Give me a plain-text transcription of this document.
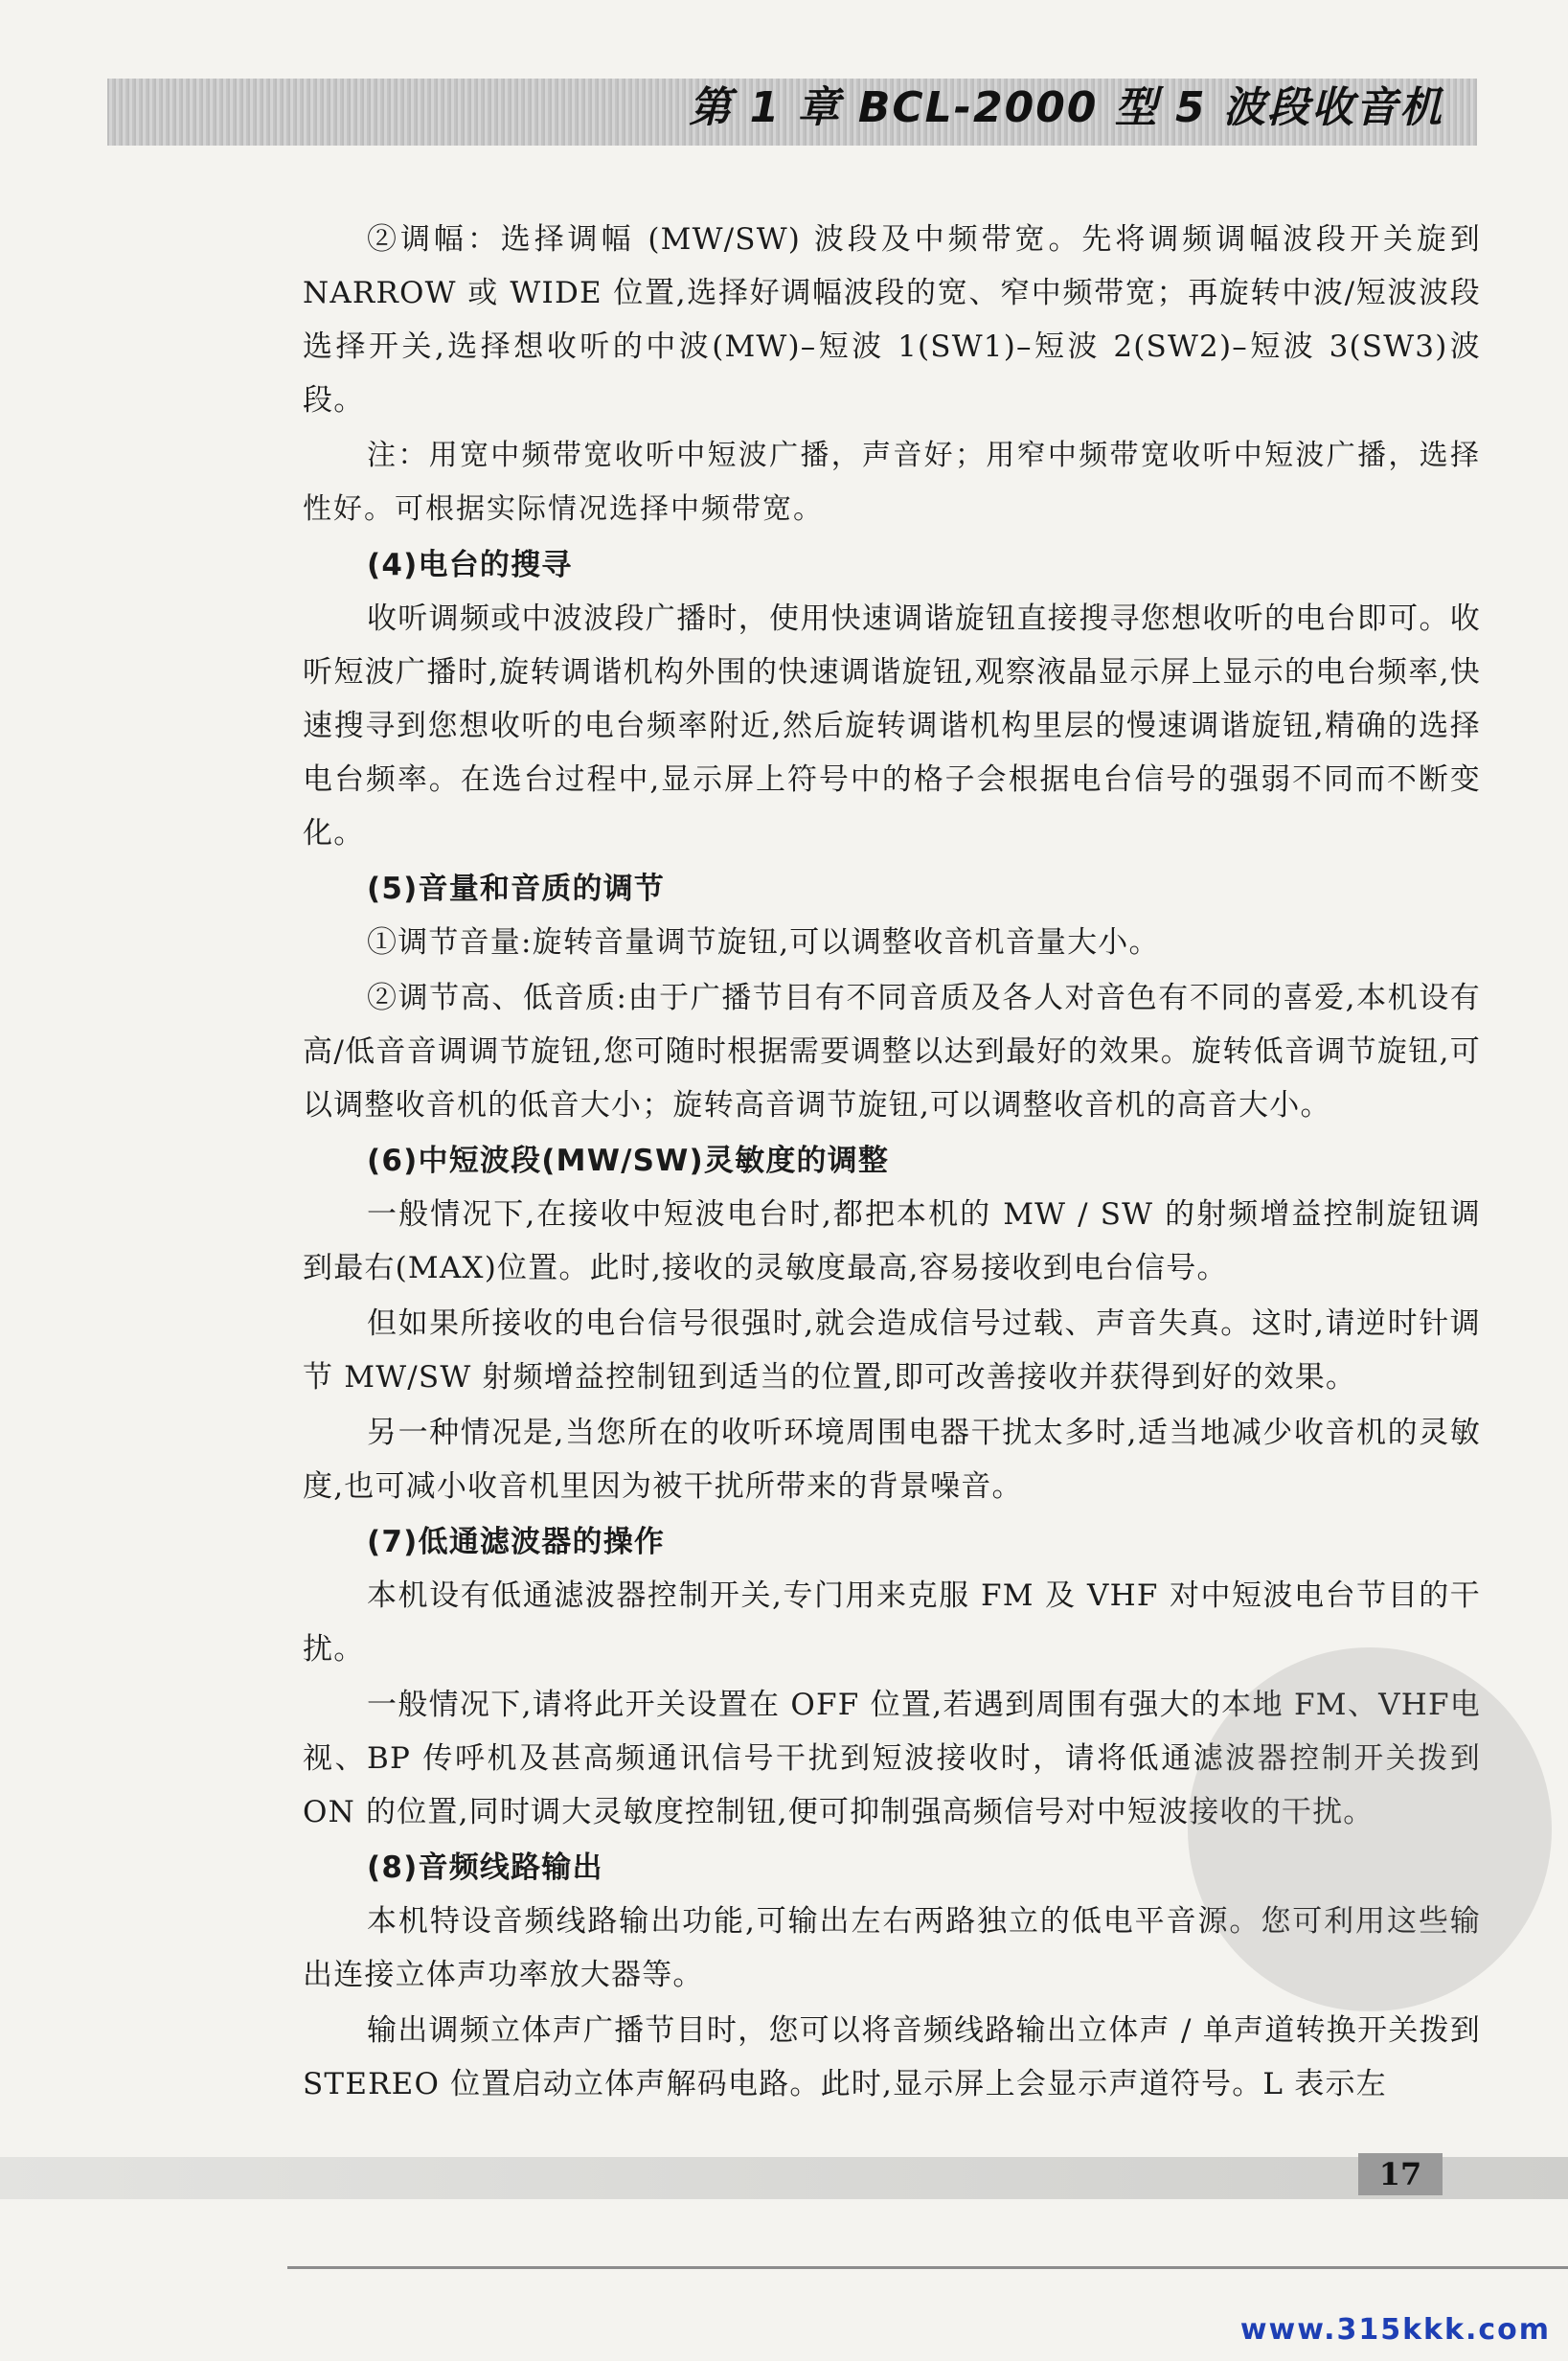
第 1 章 BCL-2000 型 5 波段收音机

②调幅：选择调幅 (MW/SW) 波段及中频带宽。先将调频调幅波段开关旋到NARROW 或 WIDE 位置,选择好调幅波段的宽、窄中频带宽；再旋转中波/短波波段选择开关,选择想收听的中波(MW)–短波 1(SW1)–短波 2(SW2)–短波 3(SW3)波段。

注：用宽中频带宽收听中短波广播，声音好；用窄中频带宽收听中短波广播，选择性好。可根据实际情况选择中频带宽。

(4)电台的搜寻

收听调频或中波波段广播时，使用快速调谐旋钮直接搜寻您想收听的电台即可。收听短波广播时,旋转调谐机构外围的快速调谐旋钮,观察液晶显示屏上显示的电台频率,快速搜寻到您想收听的电台频率附近,然后旋转调谐机构里层的慢速调谐旋钮,精确的选择电台频率。在选台过程中,显示屏上符号中的格子会根据电台信号的强弱不同而不断变化。

(5)音量和音质的调节

①调节音量:旋转音量调节旋钮,可以调整收音机音量大小。

②调节高、低音质:由于广播节目有不同音质及各人对音色有不同的喜爱,本机设有高/低音音调调节旋钮,您可随时根据需要调整以达到最好的效果。旋转低音调节旋钮,可以调整收音机的低音大小；旋转高音调节旋钮,可以调整收音机的高音大小。

(6)中短波段(MW/SW)灵敏度的调整

一般情况下,在接收中短波电台时,都把本机的 MW / SW 的射频增益控制旋钮调到最右(MAX)位置。此时,接收的灵敏度最高,容易接收到电台信号。

但如果所接收的电台信号很强时,就会造成信号过载、声音失真。这时,请逆时针调节 MW/SW 射频增益控制钮到适当的位置,即可改善接收并获得到好的效果。

另一种情况是,当您所在的收听环境周围电器干扰太多时,适当地减少收音机的灵敏度,也可减小收音机里因为被干扰所带来的背景噪音。

(7)低通滤波器的操作

本机设有低通滤波器控制开关,专门用来克服 FM 及 VHF 对中短波电台节目的干扰。

一般情况下,请将此开关设置在 OFF 位置,若遇到周围有强大的本地 FM、VHF电视、BP 传呼机及甚高频通讯信号干扰到短波接收时，请将低通滤波器控制开关拨到 ON 的位置,同时调大灵敏度控制钮,便可抑制强高频信号对中短波接收的干扰。

(8)音频线路输出

本机特设音频线路输出功能,可输出左右两路独立的低电平音源。您可利用这些输出连接立体声功率放大器等。

输出调频立体声广播节目时，您可以将音频线路输出立体声 / 单声道转换开关拨到 STEREO 位置启动立体声解码电路。此时,显示屏上会显示声道符号。L 表示左

17
www.315kkk.com
